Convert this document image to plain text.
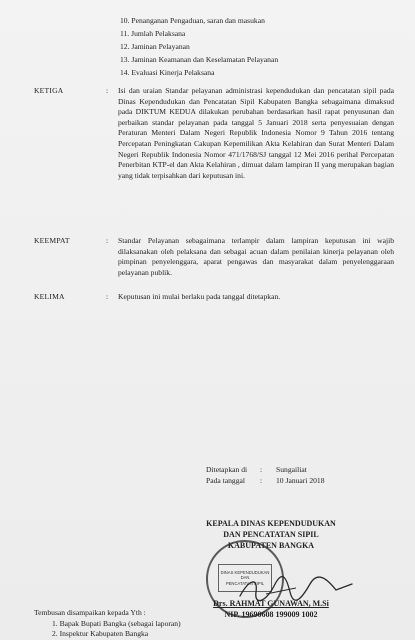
10. Penanganan Pengaduan, saran dan masukan
11. Jumlah Pelaksana
12. Jaminan Pelayanan
13. Jaminan Keamanan dan Keselamatan Pelayanan
14. Evaluasi Kinerja Pelaksana
KETIGA	: Isi dan uraian Standar pelayanan administrasi kependudukan dan pencatatan sipil pada Dinas Kependudukan dan Pencatatan Sipil Kabupaten Bangka sebagaimana dimaksud pada DIKTUM KEDUA dilakukan perubahan berdasarkan hasil rapat penyusunan dan perbaikan standar pelayanan pada tanggal 5 Januari 2018 serta penyesuaian dengan Peraturan Menteri Dalam Negeri Republik Indonesia Nomor 9 Tahun 2016 tentang Percepatan Peningkatan Cakupan Kepemilikan Akta Kelahiran dan Surat Menteri Dalam Negeri Republik Indonesia Nomor 471/1768/SJ tanggal 12 Mei 2016 perihal Percepatan Penerbitan KTP-el dan Akta Kelahiran , dimuat dalam lampiran II yang merupakan bagian yang tidak terpisahkan dari keputusan ini.
KEEMPAT	: Standar Pelayanan sebagaimana terlampir dalam lampiran keputusan ini wajib dilaksanakan oleh pelaksana dan sebagai acuan dalam penilaian kinerja pelayanan oleh pimpinan penyelenggara, aparat pengawas dan masyarakat dalam penyelenggaraan pelayanan publik.
KELIMA	: Keputusan ini mulai berlaku pada tanggal ditetapkan.
Ditetapkan di : Sungailiat
Pada tanggal : 10 Januari 2018
KEPALA DINAS KEPENDUDUKAN
DAN PENCATATAN SIPIL
KABUPATEN BANGKA
DINAS KEPENDUDUKAN
DAN
PENCATATAN SIPIL
Drs. RAHMAT GUNAWAN, M.Si
NIP. 19690608 199009 1002
Tembusan disampaikan kepada Yth :
1. Bapak Bupati Bangka (sebagai laporan)
2. Inspektur Kabupaten Bangka
